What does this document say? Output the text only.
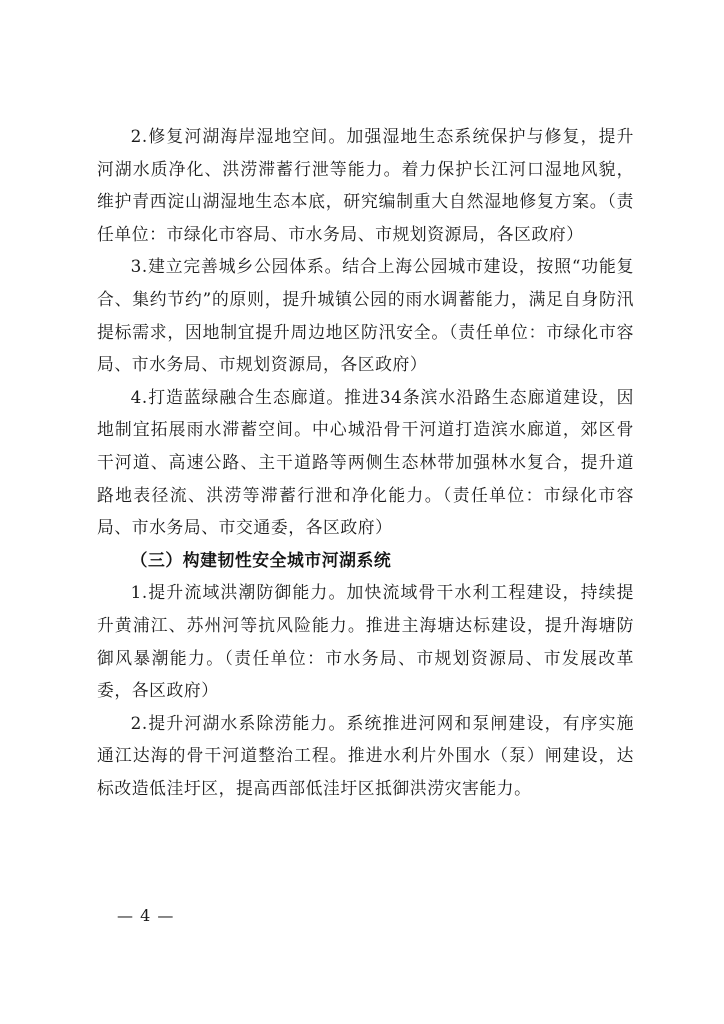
2.修复河湖海岸湿地空间。加强湿地生态系统保护与修复，提升河湖水质净化、洪涝滞蓄行泄等能力。着力保护长江河口湿地风貌，维护青西淀山湖湿地生态本底，研究编制重大自然湿地修复方案。（责任单位：市绿化市容局、市水务局、市规划资源局，各区政府）

3.建立完善城乡公园体系。结合上海公园城市建设，按照“功能复合、集约节约”的原则，提升城镇公园的雨水调蓄能力，满足自身防汛提标需求，因地制宜提升周边地区防汛安全。（责任单位：市绿化市容局、市水务局、市规划资源局，各区政府）

4.打造蓝绿融合生态廊道。推进34条滨水沿路生态廊道建设，因地制宜拓展雨水滞蓄空间。中心城沿骨干河道打造滨水廊道，郊区骨干河道、高速公路、主干道路等两侧生态林带加强林水复合，提升道路地表径流、洪涝等滞蓄行泄和净化能力。（责任单位：市绿化市容局、市水务局、市交通委，各区政府）

（三）构建韧性安全城市河湖系统

1.提升流域洪潮防御能力。加快流域骨干水利工程建设，持续提升黄浦江、苏州河等抗风险能力。推进主海塘达标建设，提升海塘防御风暴潮能力。（责任单位：市水务局、市规划资源局、市发展改革委，各区政府）

2.提升河湖水系除涝能力。系统推进河网和泵闸建设，有序实施通江达海的骨干河道整治工程。推进水利片外围水（泵）闸建设，达标改造低洼圩区，提高西部低洼圩区抵御洪涝灾害能力。

— 4 —
